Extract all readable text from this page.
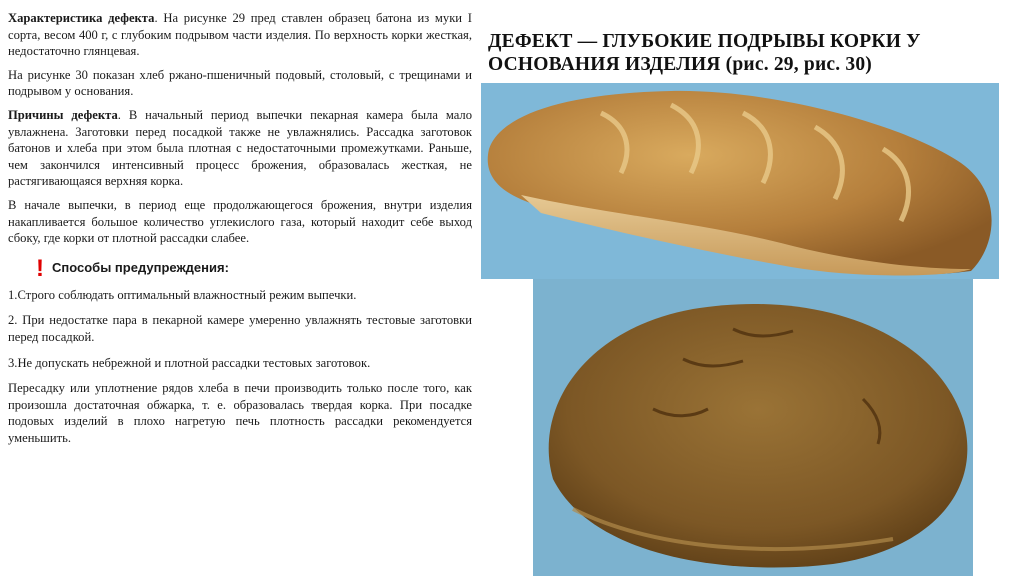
Характеристика дефекта. На рисунке 29 пред ставлен образец батона из муки I сорта, весом 400 г, с глубоким подрывом части изделия. По верхность корки жесткая, недостаточно глянцевая.

На рисунке 30 показан хлеб ржано-пшеничный подовый, столовый, с трещинами и подрывом у основания.

Причины дефекта. В начальный период выпечки пекарная камера была мало увлажнена. Заготовки перед посадкой также не увлажнялись. Рассадка заготовок батонов и хлеба при этом была плотная с недостаточными промежутками. Раньше, чем закончился интенсивный процесс брожения, образовалась жесткая, не растягивающаяся верхняя корка.

В начале выпечки, в период еще продолжающегося брожения, внутри изделия накапливается большое количество углекислого газа, который находит себе выход сбоку, где корки от плотной рассадки слабее.

! Способы предупреждения:

1.Строго соблюдать оптимальный влажностный режим выпечки.

2. При недостатке пара в пекарной камере умеренно увлажнять тестовые заготовки перед посадкой.

3.Не допускать небрежной и плотной рассадки тестовых заготовок.

Пересадку или уплотнение рядов хлеба в печи производить только после того, как произошла достаточная обжарка, т. е. образовалась твердая корка. При посадке подовых изделий в плохо нагретую печь плотность рассадки рекомендуется уменьшить.

ДЕФЕКТ — ГЛУБОКИЕ ПОДРЫВЫ КОРКИ У ОСНОВАНИЯ ИЗДЕЛИЯ (рис. 29, рис. 30)
